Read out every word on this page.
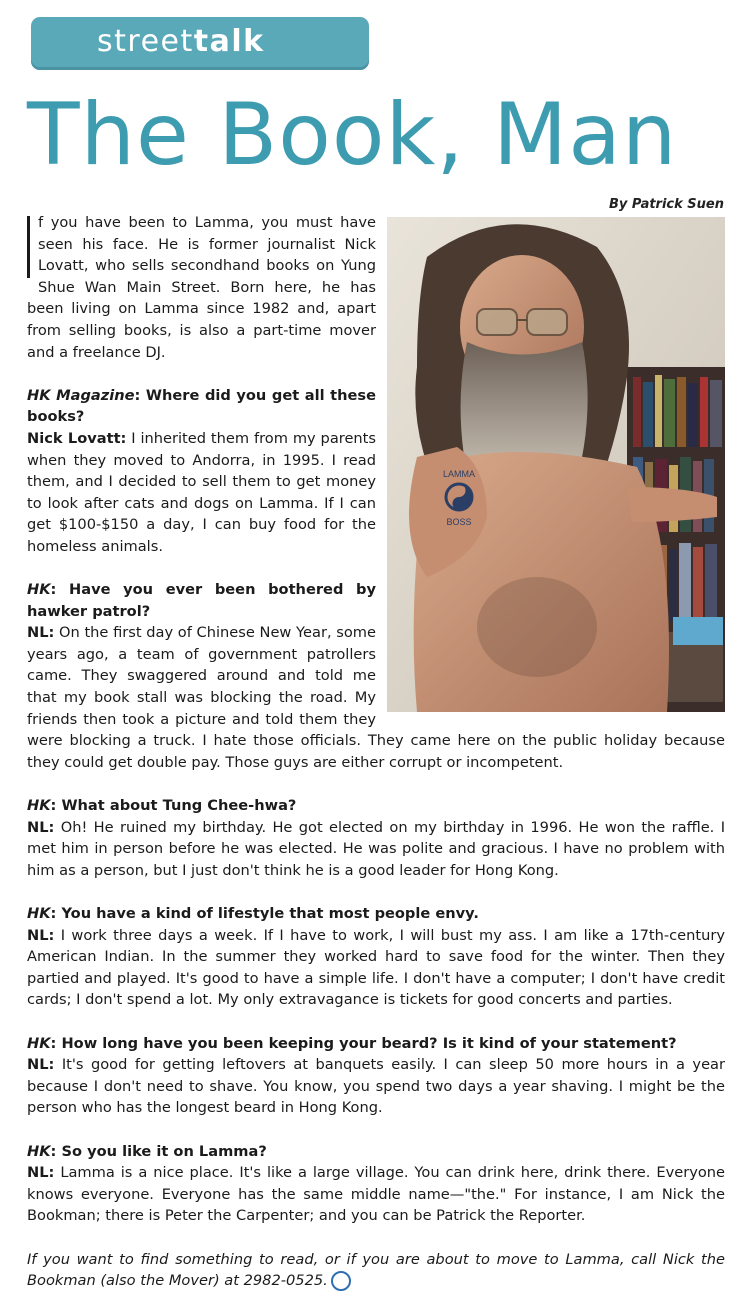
streettalk
The Book, Man
By Patrick Suen
LAMMA
BOSS

f you have been to Lamma, you must have seen his face. He is former journalist Nick Lovatt, who sells secondhand books on Yung Shue Wan Main Street. Born here, he has been living on Lamma since 1982 and, apart from selling books, is also a part-time mover and a freelance DJ.

HK Magazine: Where did you get all these books?
Nick Lovatt: I inherited them from my parents when they moved to Andorra, in 1995. I read them, and I decided to sell them to get money to look after cats and dogs on Lamma. If I can get $100-$150 a day, I can buy food for the homeless animals.

HK: Have you ever been bothered by hawker patrol?
NL: On the first day of Chinese New Year, some years ago, a team of government patrollers came. They swaggered around and told me that my book stall was blocking the road. My friends then took a picture and told them they were blocking a truck. I hate those officials. They came here on the public holiday because they could get double pay. Those guys are either corrupt or incompetent.

HK: What about Tung Chee-hwa?
NL: Oh! He ruined my birthday. He got elected on my birthday in 1996. He won the raffle. I met him in person before he was elected. He was polite and gracious. I have no problem with him as a person, but I just don't think he is a good leader for Hong Kong.

HK: You have a kind of lifestyle that most people envy.
NL: I work three days a week. If I have to work, I will bust my ass. I am like a 17th-century American Indian. In the summer they worked hard to save food for the winter. Then they partied and played. It's good to have a simple life. I don't have a computer; I don't have credit cards; I don't spend a lot. My only extravagance is tickets for good concerts and parties.

HK: How long have you been keeping your beard? Is it kind of your statement?
NL: It's good for getting leftovers at banquets easily. I can sleep 50 more hours in a year because I don't need to shave. You know, you spend two days a year shaving. I might be the person who has the longest beard in Hong Kong.

HK: So you like it on Lamma?
NL: Lamma is a nice place. It's like a large village. You can drink here, drink there. Everyone knows everyone. Everyone has the same middle name—"the." For instance, I am Nick the Bookman; there is Peter the Carpenter; and you can be Patrick the Reporter.

If you want to find something to read, or if you are about to move to Lamma, call Nick the Bookman (also the Mover) at 2982-0525.
